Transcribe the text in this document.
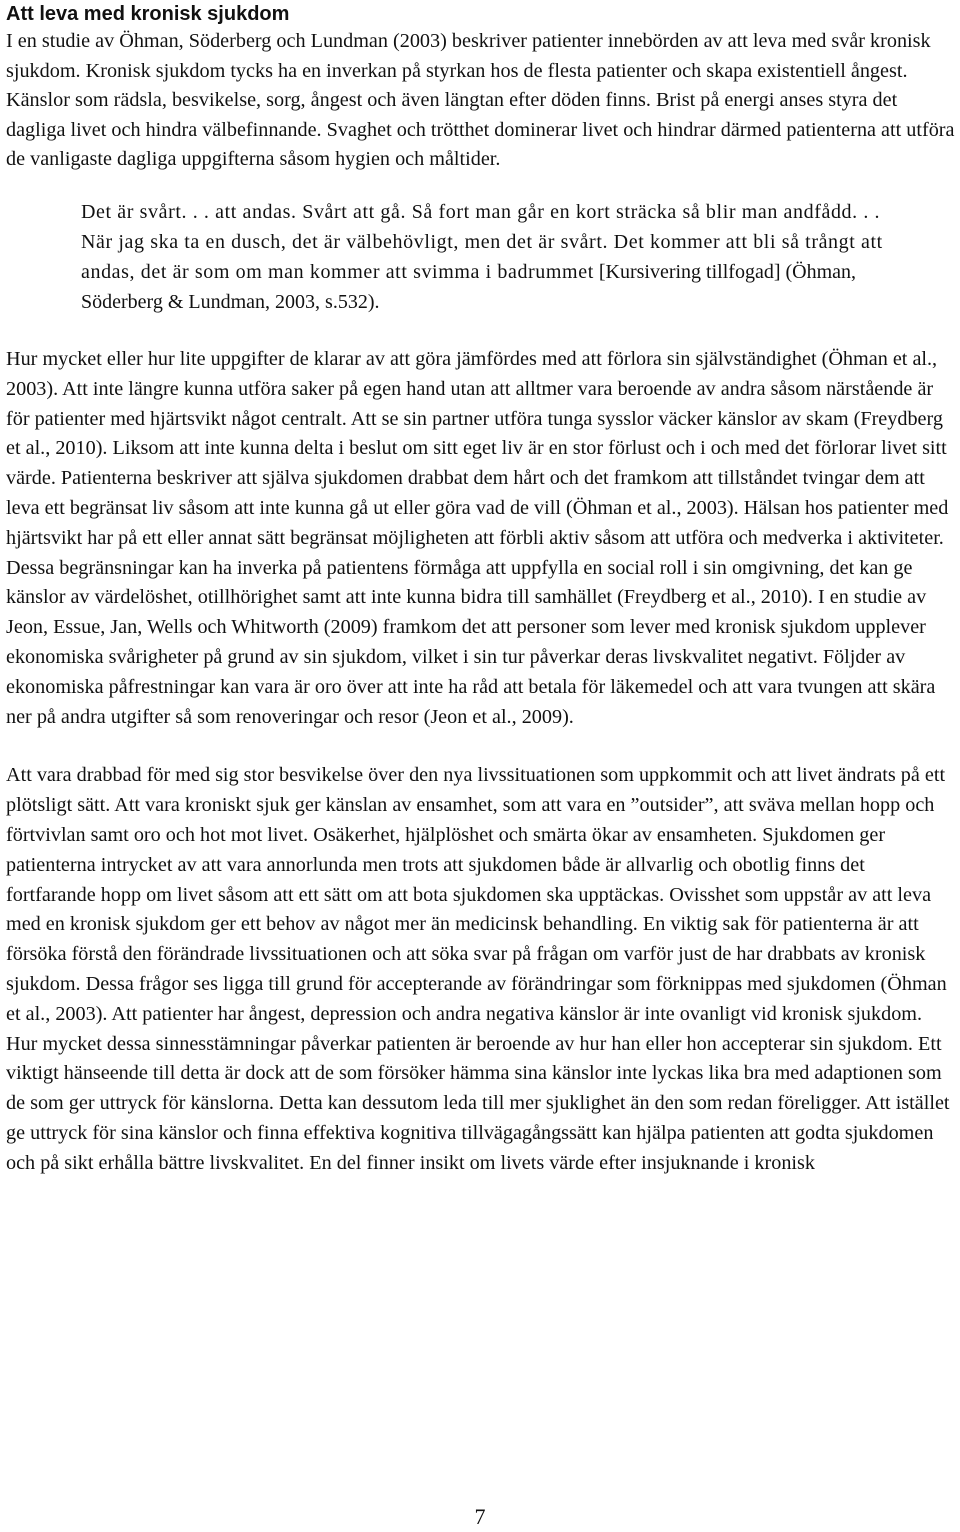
Att leva med kronisk sjukdom

I en studie av Öhman, Söderberg och Lundman (2003) beskriver patienter innebörden av att leva med svår kronisk sjukdom. Kronisk sjukdom tycks ha en inverkan på styrkan hos de flesta patienter och skapa existentiell ångest. Känslor som rädsla, besvikelse, sorg, ångest och även längtan efter döden finns. Brist på energi anses styra det dagliga livet och hindra välbefinnande. Svaghet och trötthet dominerar livet och hindrar därmed patienterna att utföra de vanligaste dagliga uppgifterna såsom hygien och måltider.

Det är svårt. . . att andas. Svårt att gå. Så fort man går en kort sträcka så blir man andfådd. . . När jag ska ta en dusch, det är välbehövligt, men det är svårt. Det kommer att bli så trångt att andas, det är som om man kommer att svimma i badrummet [Kursivering tillfogad] (Öhman, Söderberg & Lundman, 2003, s.532).

Hur mycket eller hur lite uppgifter de klarar av att göra jämfördes med att förlora sin självständighet (Öhman et al., 2003). Att inte längre kunna utföra saker på egen hand utan att alltmer vara beroende av andra såsom närstående är för patienter med hjärtsvikt något centralt. Att se sin partner utföra tunga sysslor väcker känslor av skam (Freydberg et al., 2010). Liksom att inte kunna delta i beslut om sitt eget liv är en stor förlust och i och med det förlorar livet sitt värde. Patienterna beskriver att själva sjukdomen drabbat dem hårt och det framkom att tillståndet tvingar dem att leva ett begränsat liv såsom att inte kunna gå ut eller göra vad de vill (Öhman et al., 2003). Hälsan hos patienter med hjärtsvikt har på ett eller annat sätt begränsat möjligheten att förbli aktiv såsom att utföra och medverka i aktiviteter. Dessa begränsningar kan ha inverka på patientens förmåga att uppfylla en social roll i sin omgivning, det kan ge känslor av värdelöshet, otillhörighet samt att inte kunna bidra till samhället (Freydberg et al., 2010). I en studie av Jeon, Essue, Jan, Wells och Whitworth (2009) framkom det att personer som lever med kronisk sjukdom upplever ekonomiska svårigheter på grund av sin sjukdom, vilket i sin tur påverkar deras livskvalitet negativt. Följder av ekonomiska påfrestningar kan vara är oro över att inte ha råd att betala för läkemedel och att vara tvungen att skära ner på andra utgifter så som renoveringar och resor (Jeon et al., 2009).

Att vara drabbad för med sig stor besvikelse över den nya livssituationen som uppkommit och att livet ändrats på ett plötsligt sätt. Att vara kroniskt sjuk ger känslan av ensamhet, som att vara en ”outsider”, att sväva mellan hopp och förtvivlan samt oro och hot mot livet. Osäkerhet, hjälplöshet och smärta ökar av ensamheten. Sjukdomen ger patienterna intrycket av att vara annorlunda men trots att sjukdomen både är allvarlig och obotlig finns det fortfarande hopp om livet såsom att ett sätt om att bota sjukdomen ska upptäckas. Ovisshet som uppstår av att leva med en kronisk sjukdom ger ett behov av något mer än medicinsk behandling. En viktig sak för patienterna är att försöka förstå den förändrade livssituationen och att söka svar på frågan om varför just de har drabbats av kronisk sjukdom. Dessa frågor ses ligga till grund för accepterande av förändringar som förknippas med sjukdomen (Öhman et al., 2003). Att patienter har ångest, depression och andra negativa känslor är inte ovanligt vid kronisk sjukdom. Hur mycket dessa sinnesstämningar påverkar patienten är beroende av hur han eller hon accepterar sin sjukdom. Ett viktigt hänseende till detta är dock att de som försöker hämma sina känslor inte lyckas lika bra med adaptionen som de som ger uttryck för känslorna. Detta kan dessutom leda till mer sjuklighet än den som redan föreligger. Att istället ge uttryck för sina känslor och finna effektiva kognitiva tillvägagångssätt kan hjälpa patienten att godta sjukdomen och på sikt erhålla bättre livskvalitet. En del finner insikt om livets värde efter insjuknande i kronisk

7
